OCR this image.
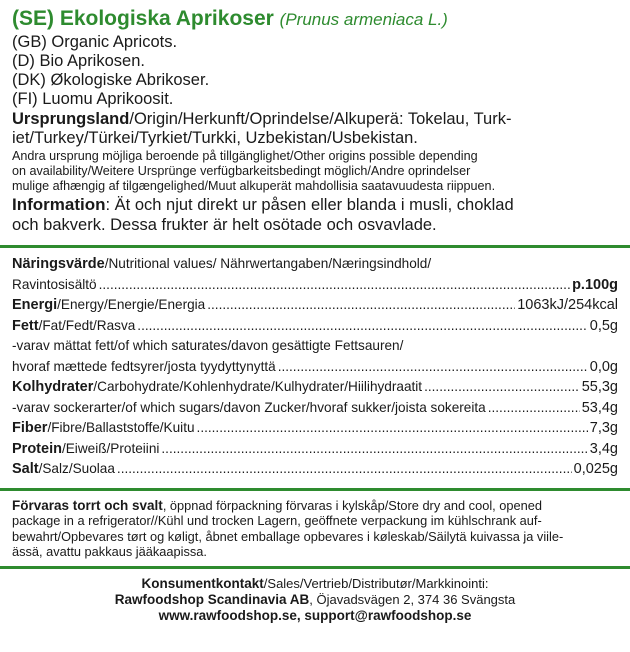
(SE) Ekologiska Aprikoser (Prunus armeniaca L.)
(GB) Organic Apricots.
(D) Bio Aprikosen.
(DK) Økologiske Abrikoser.
(FI) Luomu Aprikoosit.
Ursprungsland/Origin/Herkunft/Oprindelse/Alkuperä: Tokelau, Turk-
iet/Turkey/Türkei/Tyrkiet/Turkki, Uzbekistan/Usbekistan.
Andra ursprung möjliga beroende på tillgänglighet/Other origins possible depending
on availability/Weitere Ursprünge verfügbarkeitsbedingt möglich/Andre oprindelser
mulige afhængig af tilgængelighed/Muut alkuperät mahdollisia saatavuudesta riippuen.
Information: Ät och njut direkt ur påsen eller blanda i musli, choklad
och bakverk. Dessa frukter är helt osötade och osvavlade.
Näringsvärde/Nutritional values/ Nährwertangaben/Næringsindhold/
Ravintosisältö .....	p.100g
Energi/Energy/Energie/Energia .....	1063kJ/254kcal
Fett/Fat/Fedt/Rasva .....	0,5g
-varav mättat fett/of which saturates/davon gesättigte Fettsauren/
hvoraf mættede fedtsyrer/josta tyydyttynyttä .....	0,0g
Kolhydrater/Carbohydrate/Kohlenhydrate/Kulhydrater/Hiilihydraatit .....	55,3g
-varav sockerarter/of which sugars/davon Zucker/hvoraf sukker/joista sokereita .....	53,4g
Fiber/Fibre/Ballaststoffe/Kuitu .....	7,3g
Protein/Eiweiß/Proteiini .....	3,4g
Salt/Salz/Suolaa .....	0,025g
Förvaras torrt och svalt, öppnad förpackning förvaras i kylskåp/Store dry and cool, opened
package in a refrigerator//Kühl und trocken Lagern, geöffnete verpackung im kühlschrank auf-
bewahrt/Opbevares tørt og køligt, åbnet emballage opbevares i køleskab/Säilytä kuivassa ja viile-
ässä, avattu pakkaus jääkaapissa.
Konsumentkontakt/Sales/Vertrieb/Distributør/Markkinointi:
Rawfoodshop Scandinavia AB, Öjavadsvägen 2, 374 36 Svängsta
www.rawfoodshop.se, support@rawfoodshop.se
